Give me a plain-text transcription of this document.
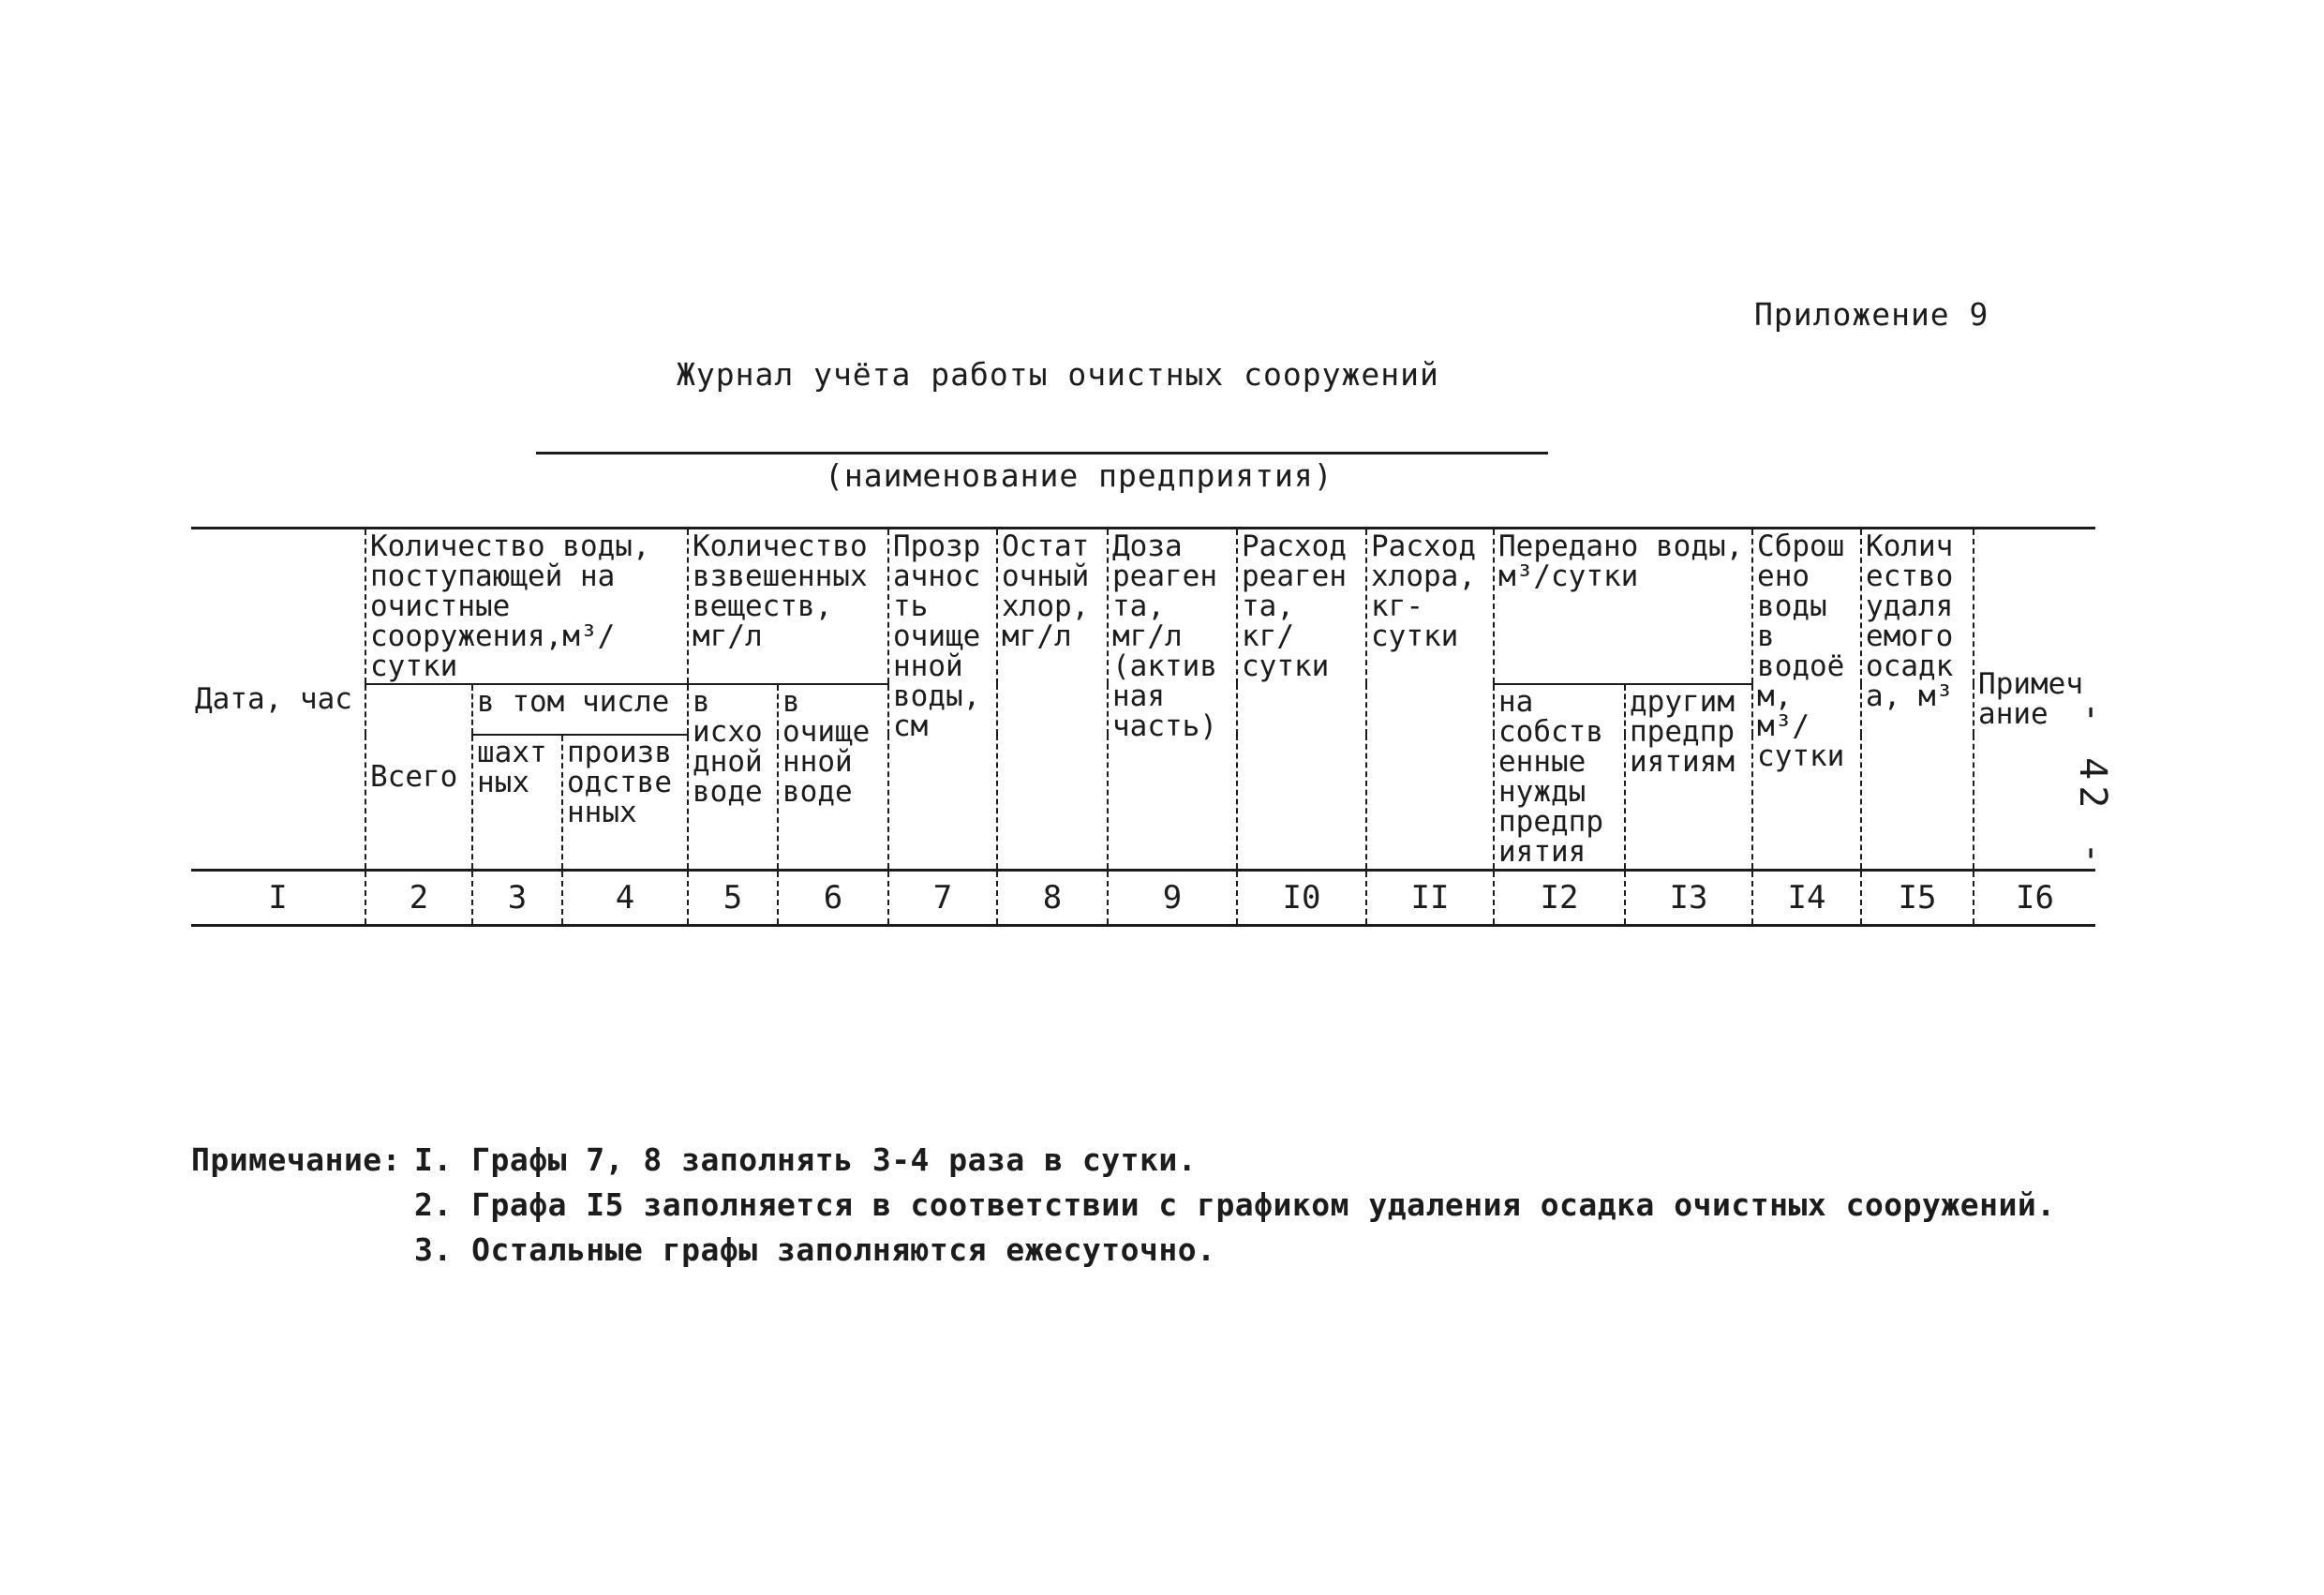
Приложение 9
Журнал учёта работы очистных сооружений
(наименование предприятия)
- 42 -
Дата, час	Количество воды, поступающей на очистные сооружения,м³/сутки			Количество взвешенных веществ, мг/л		Прозрачность очищенной воды, см	Остаточный хлор, мг/л	Доза реагента, мг/л (активная часть)	Расход реагента, кг/сутки	Расход хлора, кг-сутки	Передано воды, м³/сутки		Сброшено воды в водоём, м³/сутки	Количество удаляемого осадка, м³	Примечание
	Всего	в том числе		в исходной воде	в очищенной воде						на собственные нужды предприятия	другим предприятиям			
		шахтных	производственных												
I	2	3	4	5	6	7	8	9	I0	II	I2	I3	I4	I5	I6
Примечание: I. Графы 7, 8 заполнять 3-4 раза в сутки.
2. Графа I5 заполняется в соответствии с графиком удаления осадка очистных сооружений.
3. Остальные графы заполняются ежесуточно.
